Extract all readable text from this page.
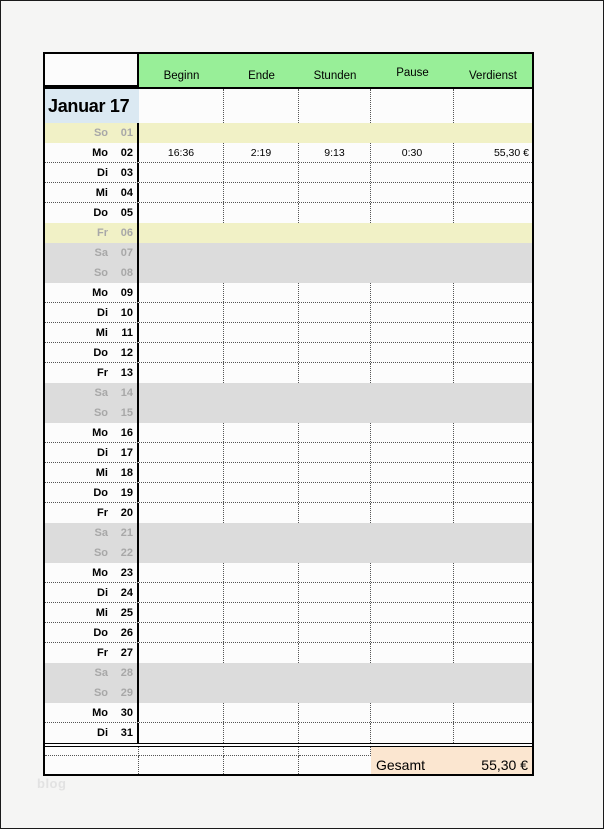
Beginn	Ende	Stunden	Pause	Verdienst
Januar 17
So	01
Mo	02	16:36	2:19	9:13	0:30	55,30 €
Di	03
Mi	04
Do	05
Fr	06
Sa	07
So	08
Mo	09
Di	10
Mi	11
Do	12
Fr	13
Sa	14
So	15
Mo	16
Di	17
Mi	18
Do	19
Fr	20
Sa	21
So	22
Mo	23
Di	24
Mi	25
Do	26
Fr	27
Sa	28
So	29
Mo	30
Di	31
Gesamt	55,30 €
blog
